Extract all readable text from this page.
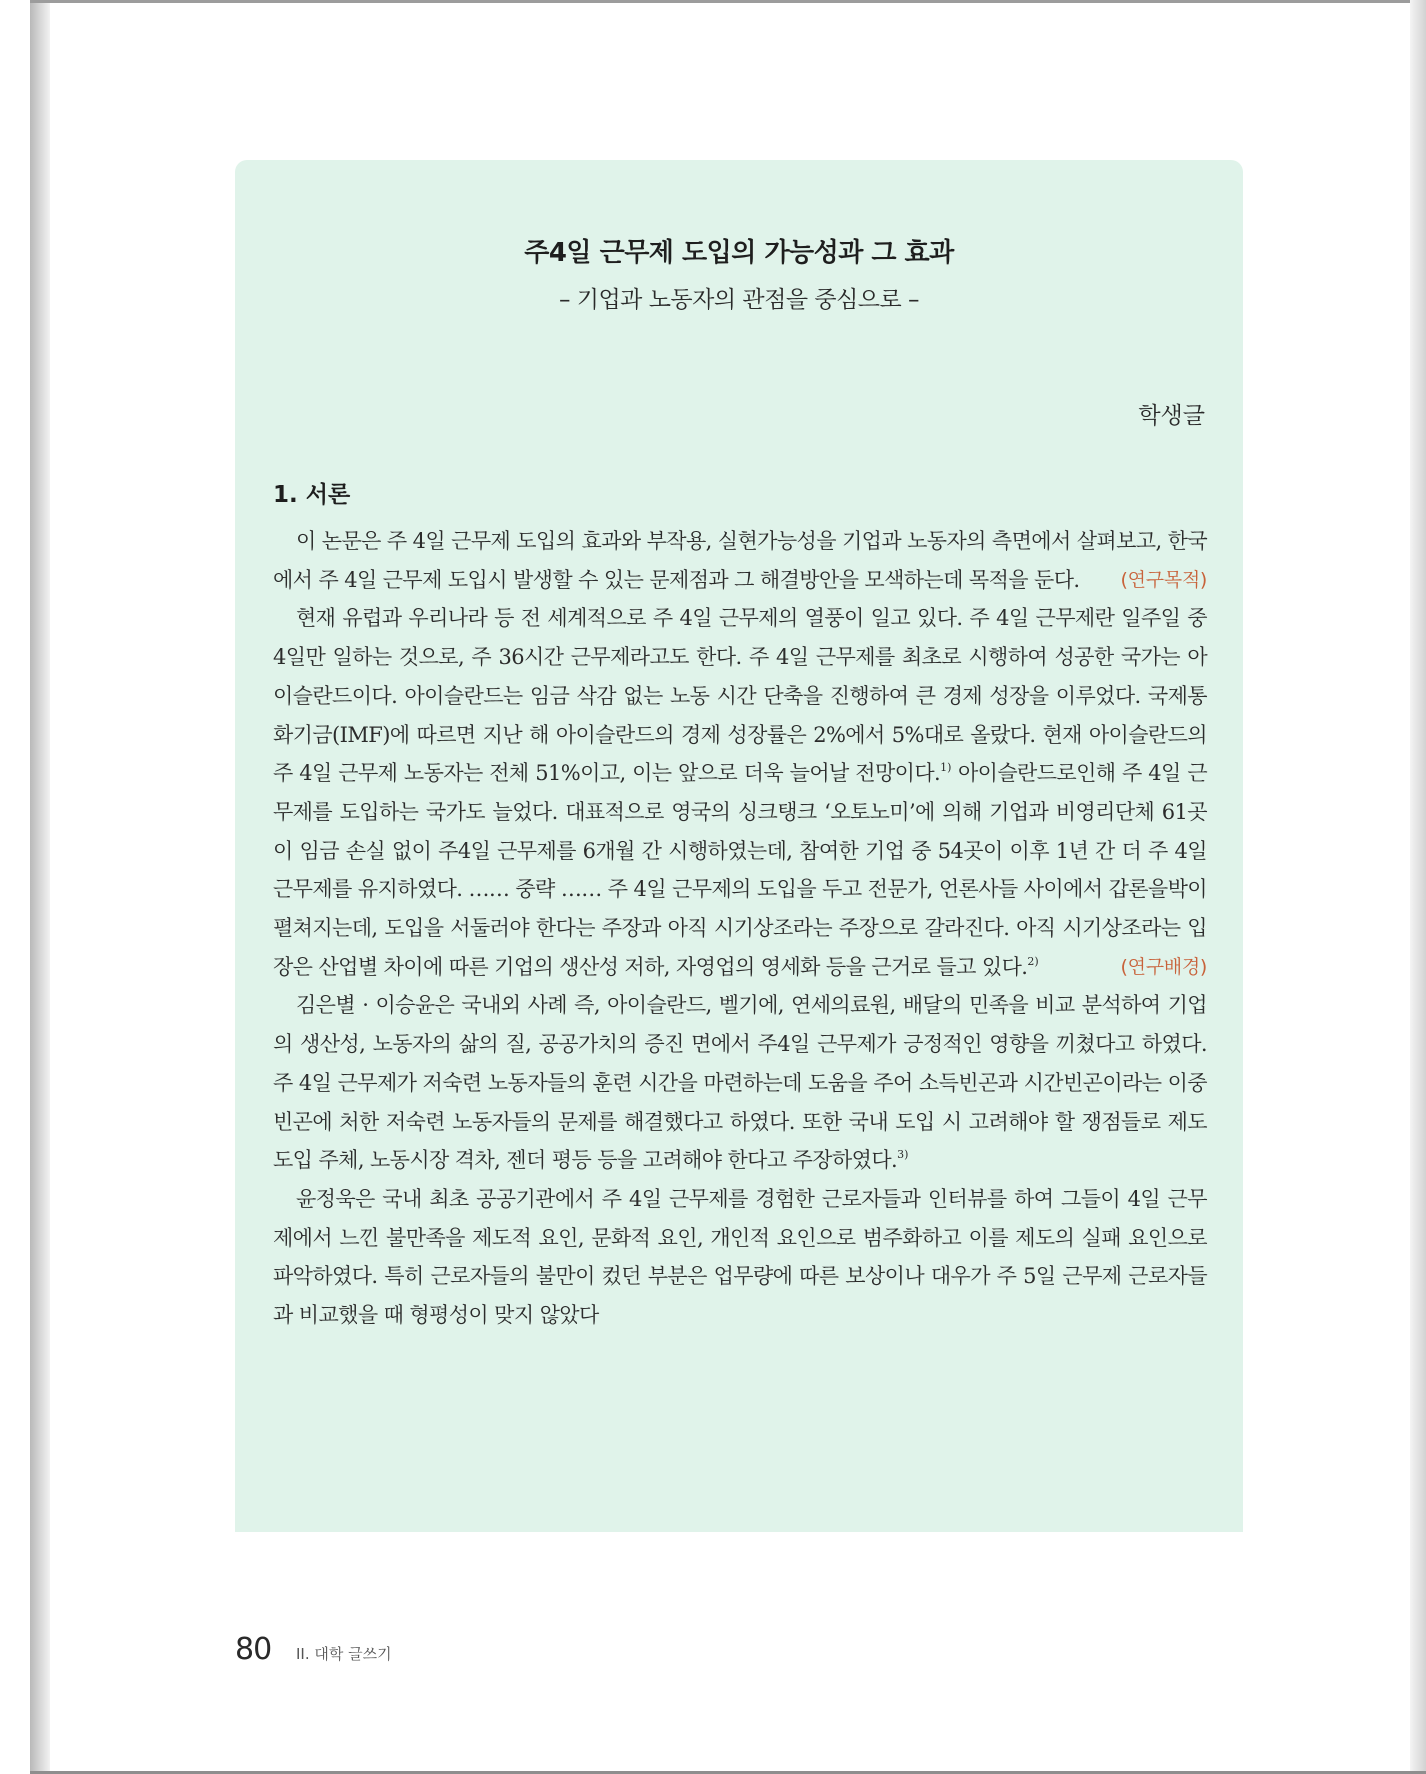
주4일 근무제 도입의 가능성과 그 효과
– 기업과 노동자의 관점을 중심으로 –
학생글
1. 서론

이 논문은 주 4일 근무제 도입의 효과와 부작용, 실현가능성을 기업과 노동자의 측면에서 살펴보고, 한국에서 주 4일 근무제 도입시 발생할 수 있는 문제점과 그 해결방안을 모색하는데 목적을 둔다. (연구목적)

현재 유럽과 우리나라 등 전 세계적으로 주 4일 근무제의 열풍이 일고 있다. 주 4일 근무제란 일주일 중 4일만 일하는 것으로, 주 36시간 근무제라고도 한다. 주 4일 근무제를 최초로 시행하여 성공한 국가는 아이슬란드이다. 아이슬란드는 임금 삭감 없는 노동 시간 단축을 진행하여 큰 경제 성장을 이루었다. 국제통화기금(IMF)에 따르면 지난 해 아이슬란드의 경제 성장률은 2%에서 5%대로 올랐다. 현재 아이슬란드의 주 4일 근무제 노동자는 전체 51%이고, 이는 앞으로 더욱 늘어날 전망이다.$^{1)}$ 아이슬란드로인해 주 4일 근무제를 도입하는 국가도 늘었다. 대표적으로 영국의 싱크탱크 ‘오토노미’에 의해 기업과 비영리단체 61곳이 임금 손실 없이 주4일 근무제를 6개월 간 시행하였는데, 참여한 기업 중 54곳이 이후 1년 간 더 주 4일 근무제를 유지하였다. …… 중략 …… 주 4일 근무제의 도입을 두고 전문가, 언론사들 사이에서 갑론을박이 펼쳐지는데, 도입을 서둘러야 한다는 주장과 아직 시기상조라는 주장으로 갈라진다. 아직 시기상조라는 입장은 산업별 차이에 따른 기업의 생산성 저하, 자영업의 영세화 등을 근거로 들고 있다.$^{2)}$	(연구배경)

김은별 · 이승윤은 국내외 사례 즉, 아이슬란드, 벨기에, 연세의료원, 배달의 민족을 비교 분석하여 기업의 생산성, 노동자의 삶의 질, 공공가치의 증진 면에서 주4일 근무제가 긍정적인 영향을 끼쳤다고 하였다. 주 4일 근무제가 저숙련 노동자들의 훈련 시간을 마련하는데 도움을 주어 소득빈곤과 시간빈곤이라는 이중빈곤에 처한 저숙련 노동자들의 문제를 해결했다고 하였다. 또한 국내 도입 시 고려해야 할 쟁점들로 제도 도입 주체, 노동시장 격차, 젠더 평등 등을 고려해야 한다고 주장하였다.$^{3)}$

윤정욱은 국내 최초 공공기관에서 주 4일 근무제를 경험한 근로자들과 인터뷰를 하여 그들이 4일 근무제에서 느낀 불만족을 제도적 요인, 문화적 요인, 개인적 요인으로 범주화하고 이를 제도의 실패 요인으로 파악하였다. 특히 근로자들의 불만이 컸던 부분은 업무량에 따른 보상이나 대우가 주 5일 근무제 근로자들과 비교했을 때 형평성이 맞지 않았다

80 II. 대학 글쓰기
